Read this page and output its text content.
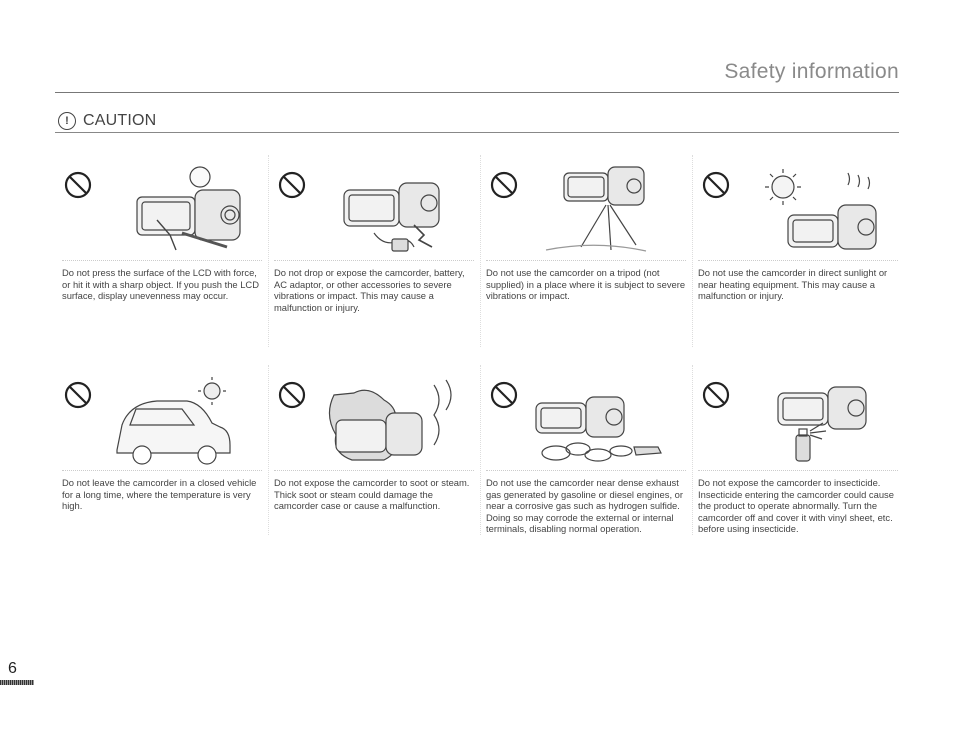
Safety information
! CAUTION
Do not press the surface of the LCD with force, or hit it with a sharp object. If you push the LCD surface, display unevenness may occur.
Do not drop or expose the camcorder, battery, AC adaptor, or other accessories to severe vibrations or impact. This may cause a malfunction or injury.
Do not use the camcorder on a tripod (not supplied) in a place where it is subject to severe vibrations or impact.
Do not use the camcorder in direct sunlight or near heating equipment. This may cause a malfunction or injury.
Do not leave the camcorder in a closed vehicle for a long time, where the temperature is very high.
Do not expose the camcorder to soot or steam. Thick soot or steam could damage the camcorder case or cause a malfunction.
Do not use the camcorder near dense exhaust gas generated by gasoline or diesel engines, or near a corrosive gas such as hydrogen sulfide. Doing so may corrode the external or internal terminals, disabling normal operation.
Do not expose the camcorder to insecticide. Insecticide entering the camcorder could cause the product to operate abnormally. Turn the camcorder off and cover it with vinyl sheet, etc. before using insecticide.
6
